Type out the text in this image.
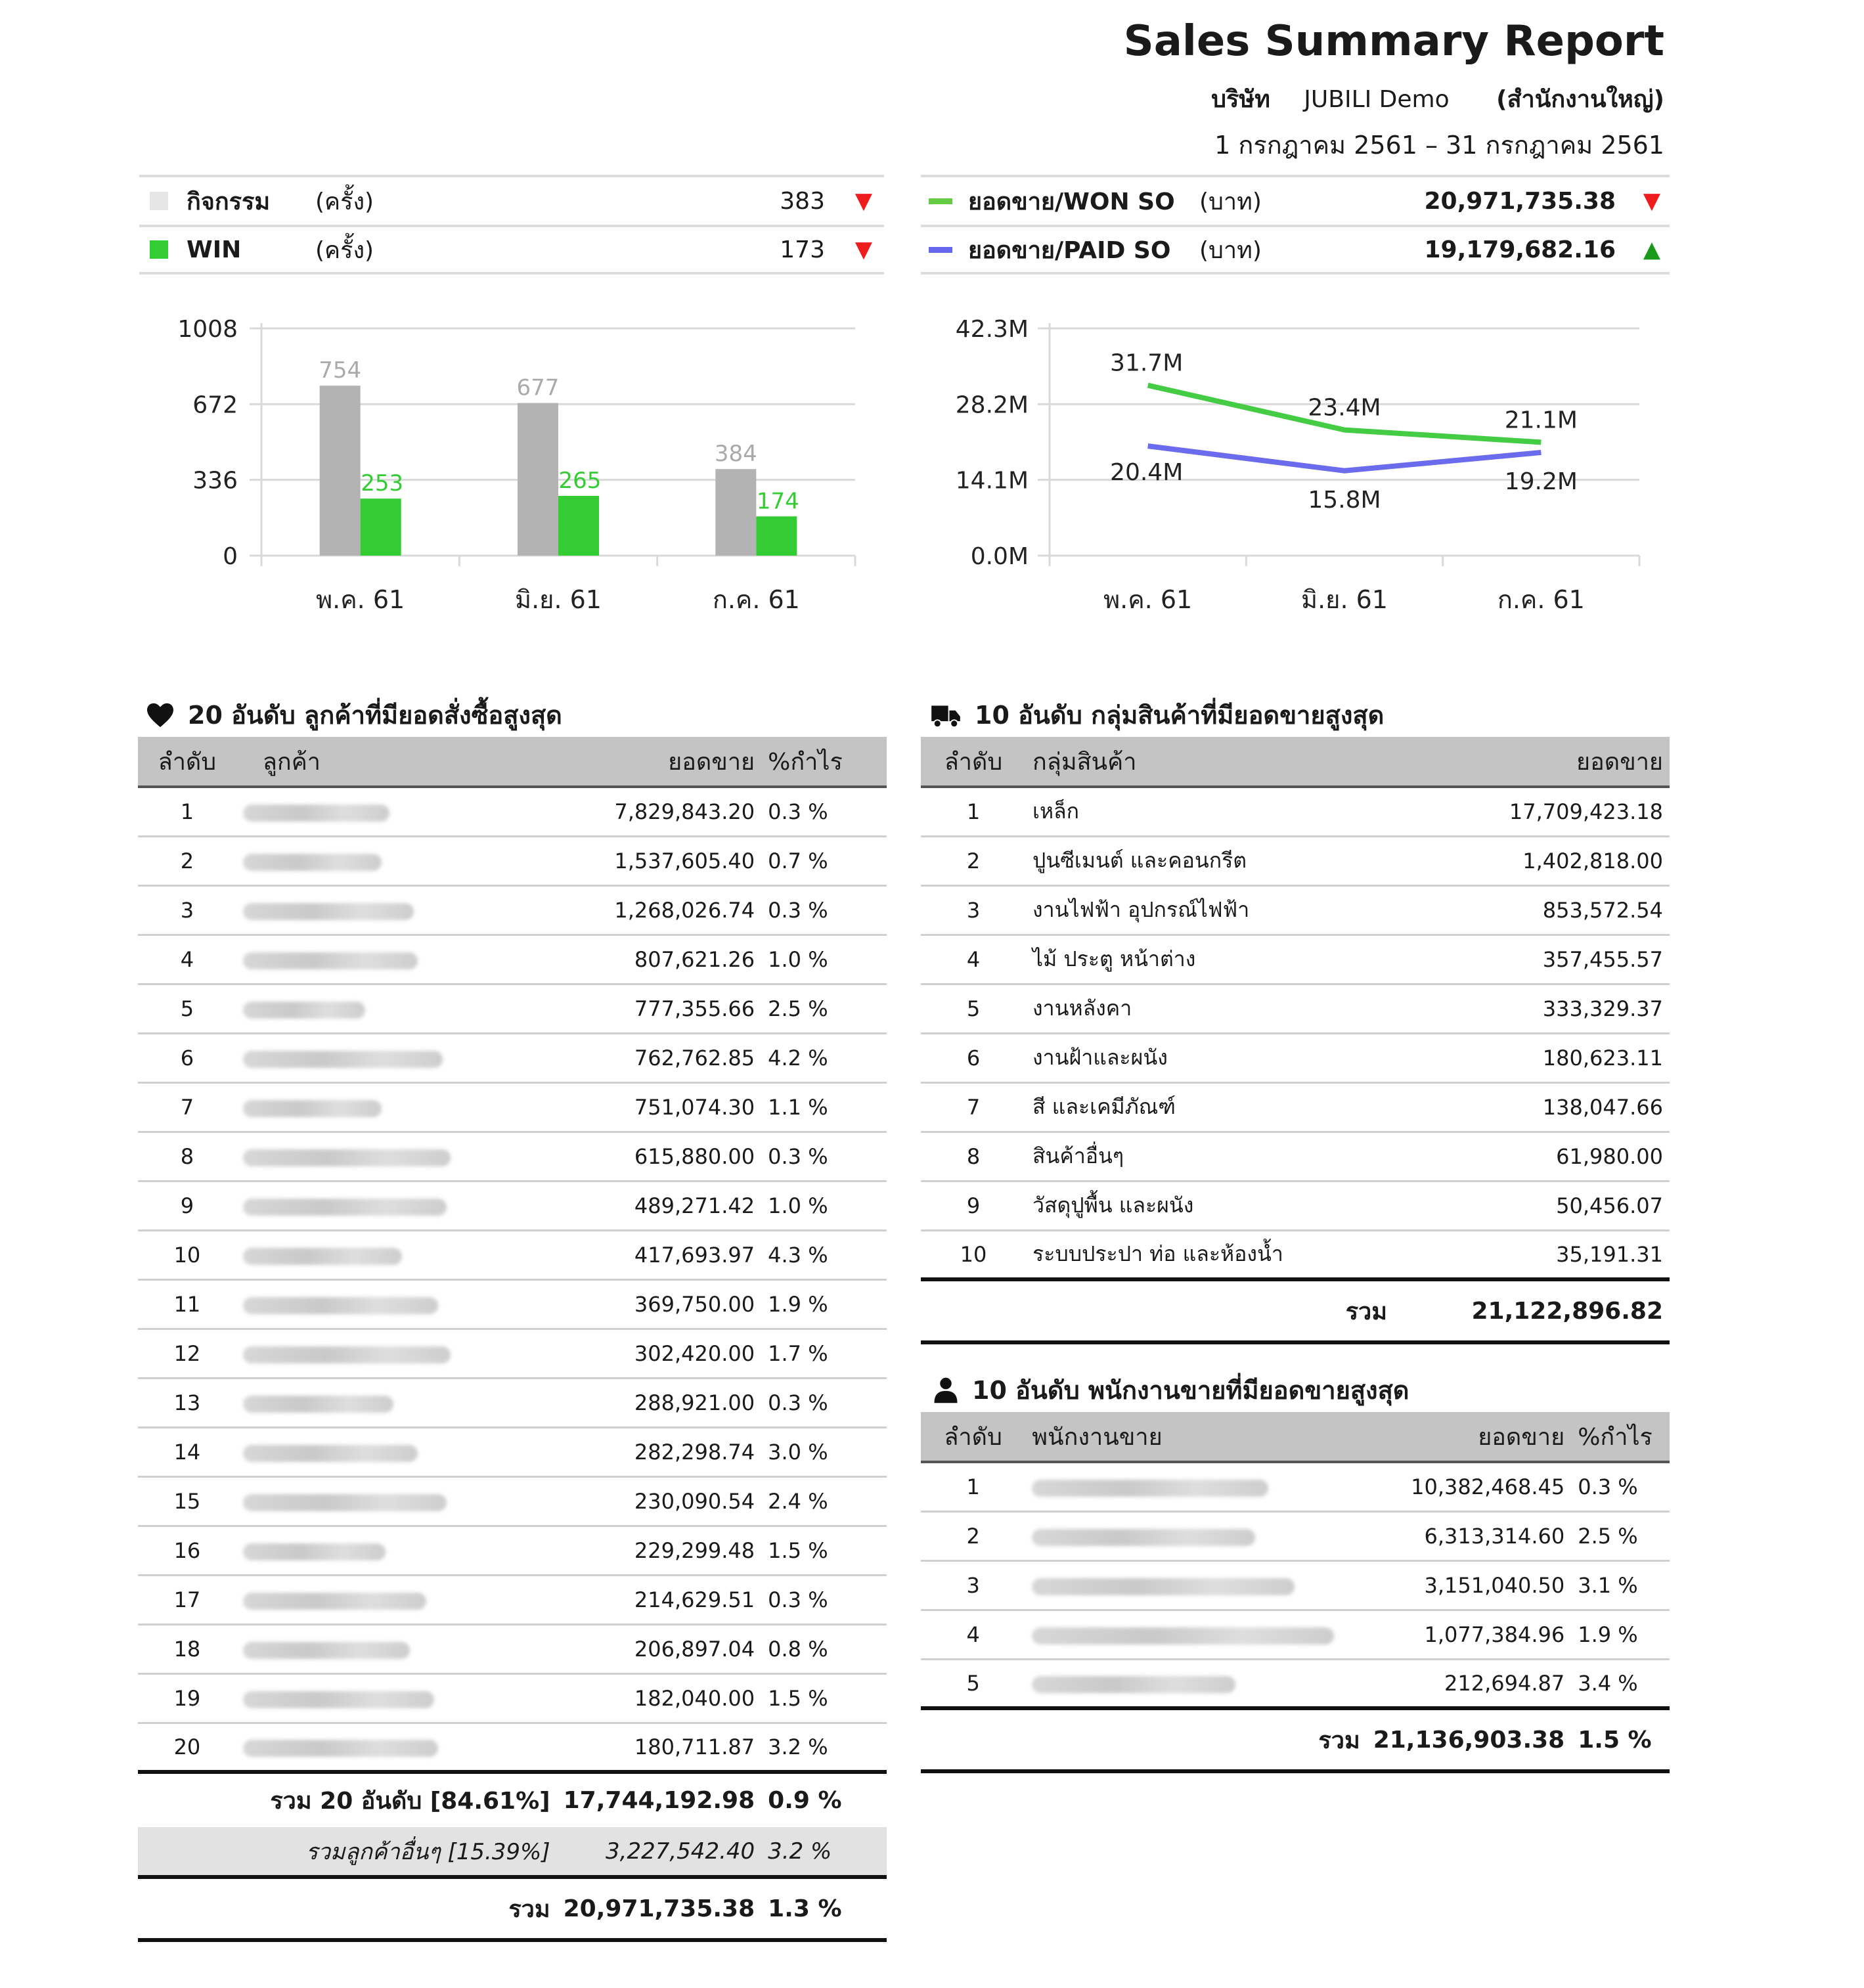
Sales Summary Report
บริษัท JUBILI Demo (สำนักงานใหญ่)
1 กรกฎาคม 2561 – 31 กรกฎาคม 2561
กิจกรรม (ครั้ง)	383 ▼
WIN	(ครั้ง)	173 ▼
ยอดขาย/WON SO (บาท)	20,971,735.38 ▼
ยอดขาย/PAID SO (บาท)	19,179,682.16 ▲
1008
672
336
0
754
253
พ.ค. 61
677
265
มิ.ย. 61
384
174
ก.ค. 61
42.3M
28.2M
14.1M
0.0M
31.7M
23.4M	21.1M
20.4M
15.8M
19.2M
พ.ค. 61	มิ.ย. 61	ก.ค. 61
20 อันดับ ลูกค้าที่มียอดสั่งซื้อสูงสุด
ลำดับ	ลูกค้า	ยอดขาย	%กำไร
1		7,829,843.20	0.3 %
2		1,537,605.40	0.7 %
3		1,268,026.74	0.3 %
4		807,621.26	1.0 %
5		777,355.66	2.5 %
6		762,762.85	4.2 %
7		751,074.30	1.1 %
8		615,880.00	0.3 %
9		489,271.42	1.0 %
10		417,693.97	4.3 %
11		369,750.00	1.9 %
12		302,420.00	1.7 %
13		288,921.00	0.3 %
14		282,298.74	3.0 %
15		230,090.54	2.4 %
16		229,299.48	1.5 %
17		214,629.51	0.3 %
18		206,897.04	0.8 %
19		182,040.00	1.5 %
20		180,711.87	3.2 %
รวม 20 อันดับ [84.61%]		17,744,192.98	0.9 %
รวมลูกค้าอื่นๆ [15.39%]		3,227,542.40	3.2 %
รวม		20,971,735.38	1.3 %
10 อันดับ กลุ่มสินค้าที่มียอดขายสูงสุด
ลำดับ	กลุ่มสินค้า	ยอดขาย
1	เหล็ก	17,709,423.18
2	ปูนซีเมนต์ และคอนกรีต	1,402,818.00
3	งานไฟฟ้า อุปกรณ์ไฟฟ้า	853,572.54
4	ไม้ ประตู หน้าต่าง	357,455.57
5	งานหลังคา	333,329.37
6	งานฝ้าและผนัง	180,623.11
7	สี และเคมีภัณฑ์	138,047.66
8	สินค้าอื่นๆ	61,980.00
9	วัสดุปูพื้น และผนัง	50,456.07
10	ระบบประปา ท่อ และห้องน้ำ	35,191.31
รวม		21,122,896.82
10 อันดับ พนักงานขายที่มียอดขายสูงสุด
ลำดับ	พนักงานขาย	ยอดขาย	%กำไร
1		10,382,468.45	0.3 %
2		6,313,314.60	2.5 %
3		3,151,040.50	3.1 %
4		1,077,384.96	1.9 %
5		212,694.87	3.4 %
รวม		21,136,903.38	1.5 %
